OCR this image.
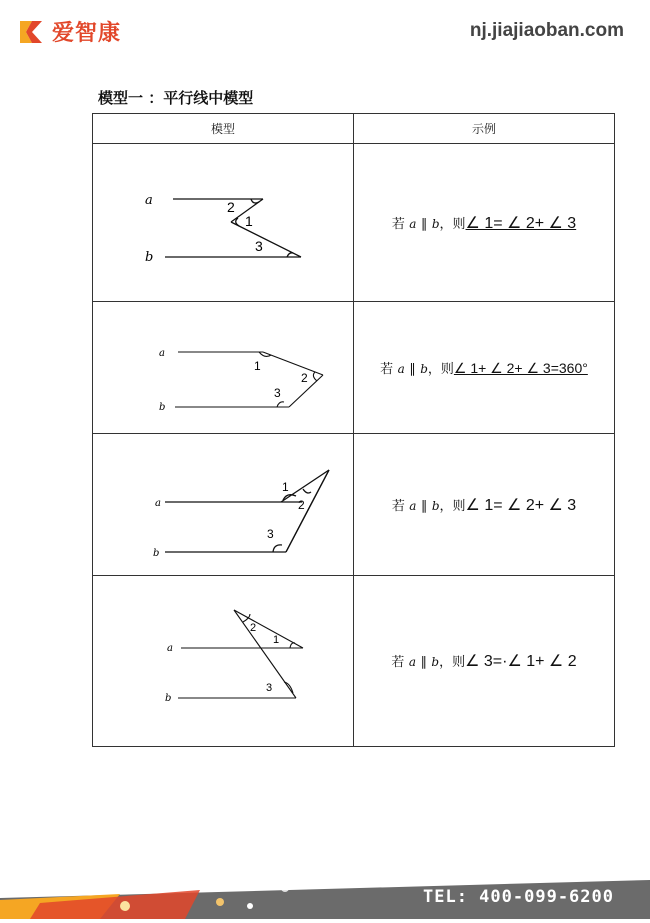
爱智康	nj.jiajiaoban.com
模型一 ：平行线中模型
模型	示例

a
b
2
1
3	若 a ∥ b，则∠ 1= ∠ 2+ ∠ 3

a
b
1
2
3	若 a ∥ b，则∠ 1+ ∠ 2+ ∠ 3=360°

a
b
1
2
3	若 a ∥ b，则∠ 1= ∠ 2+ ∠ 3

a
b
2
1
3	若 a ∥ b，则∠ 3=·∠ 1+ ∠ 2
TEL: 400-099-6200
